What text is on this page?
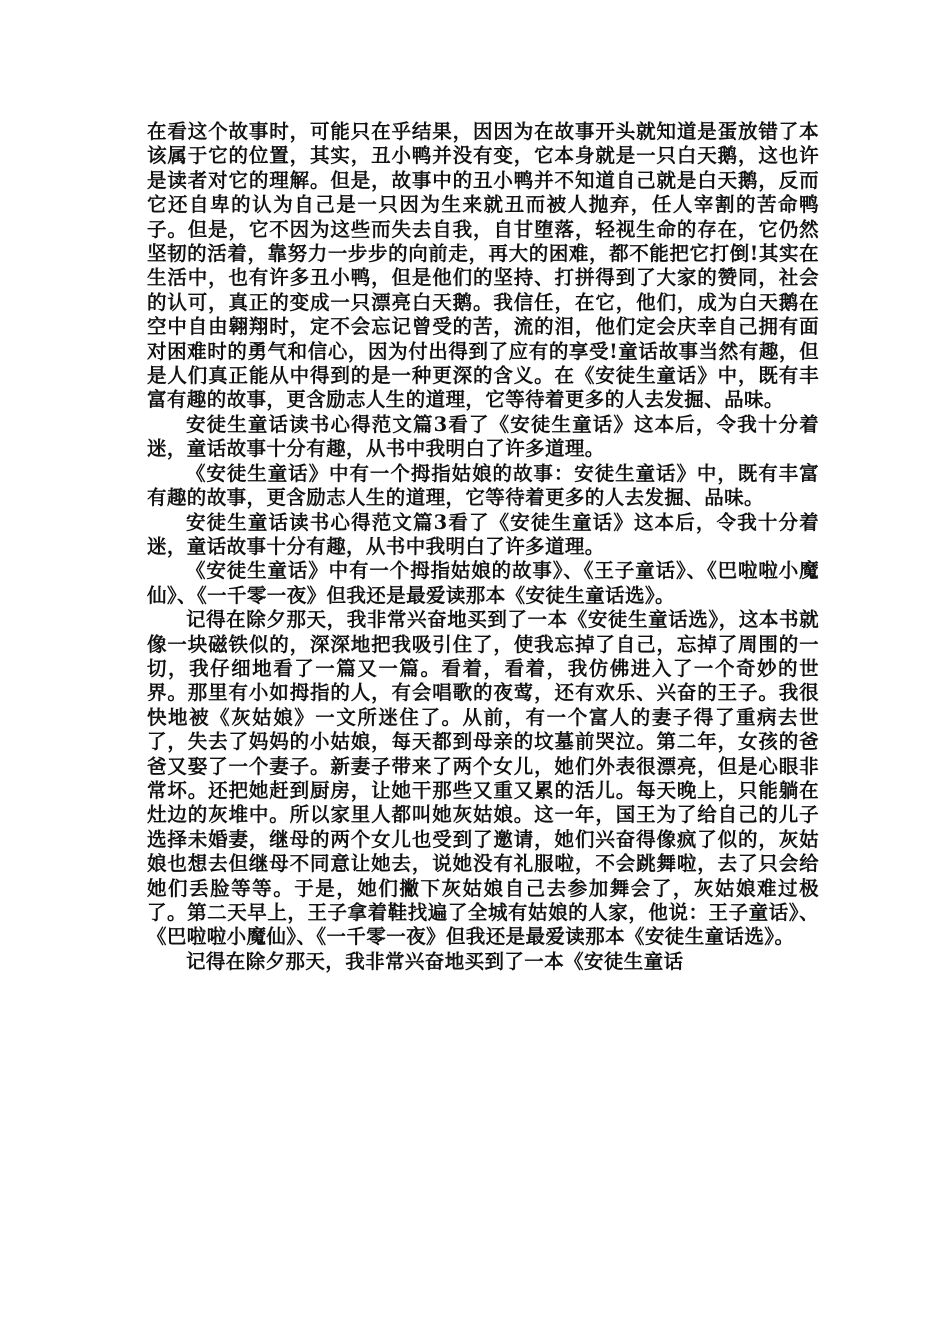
在看这个故事时，可能只在乎结果，因因为在故事开头就知道是蛋放错了本该属于它的位置，其实，丑小鸭并没有变，它本身就是一只白天鹅，这也许是读者对它的理解。但是，故事中的丑小鸭并不知道自己就是白天鹅，反而它还自卑的认为自己是一只因为生来就丑而被人抛弃，任人宰割的苦命鸭子。但是，它不因为这些而失去自我，自甘堕落，轻视生命的存在，它仍然坚韧的活着，靠努力一步步的向前走，再大的困难，都不能把它打倒!其实在生活中，也有许多丑小鸭，但是他们的坚持、打拼得到了大家的赞同，社会的认可，真正的变成一只漂亮白天鹅。我信任，在它，他们，成为白天鹅在空中自由翱翔时，定不会忘记曾受的苦，流的泪，他们定会庆幸自己拥有面对困难时的勇气和信心，因为付出得到了应有的享受!童话故事当然有趣，但是人们真正能从中得到的是一种更深的含义。在《安徒生童话》中，既有丰富有趣的故事，更含励志人生的道理，它等待着更多的人去发掘、品味。

安徒生童话读书心得范文篇3看了《安徒生童话》这本后，令我十分着迷，童话故事十分有趣，从书中我明白了许多道理。

《安徒生童话》中有一个拇指姑娘的故事：安徒生童话》中，既有丰富有趣的故事，更含励志人生的道理，它等待着更多的人去发掘、品味。

安徒生童话读书心得范文篇3看了《安徒生童话》这本后，令我十分着迷，童话故事十分有趣，从书中我明白了许多道理。

《安徒生童话》中有一个拇指姑娘的故事》、《王子童话》、《巴啦啦小魔仙》、《一千零一夜》但我还是最爱读那本《安徒生童话选》。

记得在除夕那天，我非常兴奋地买到了一本《安徒生童话选》，这本书就像一块磁铁似的，深深地把我吸引住了，使我忘掉了自己，忘掉了周围的一切，我仔细地看了一篇又一篇。看着，看着，我仿佛进入了一个奇妙的世界。那里有小如拇指的人，有会唱歌的夜莺，还有欢乐、兴奋的王子。我很快地被《灰姑娘》一文所迷住了。从前，有一个富人的妻子得了重病去世了，失去了妈妈的小姑娘，每天都到母亲的坟墓前哭泣。第二年，女孩的爸爸又娶了一个妻子。新妻子带来了两个女儿，她们外表很漂亮，但是心眼非常坏。还把她赶到厨房，让她干那些又重又累的活儿。每天晚上，只能躺在灶边的灰堆中。所以家里人都叫她灰姑娘。这一年，国王为了给自己的儿子选择未婚妻，继母的两个女儿也受到了邀请，她们兴奋得像疯了似的，灰姑娘也想去但继母不同意让她去，说她没有礼服啦，不会跳舞啦，去了只会给她们丢脸等等。于是，她们撇下灰姑娘自己去参加舞会了，灰姑娘难过极了。第二天早上，王子拿着鞋找遍了全城有姑娘的人家，他说：王子童话》、《巴啦啦小魔仙》、《一千零一夜》但我还是最爱读那本《安徒生童话选》。

记得在除夕那天，我非常兴奋地买到了一本《安徒生童话
